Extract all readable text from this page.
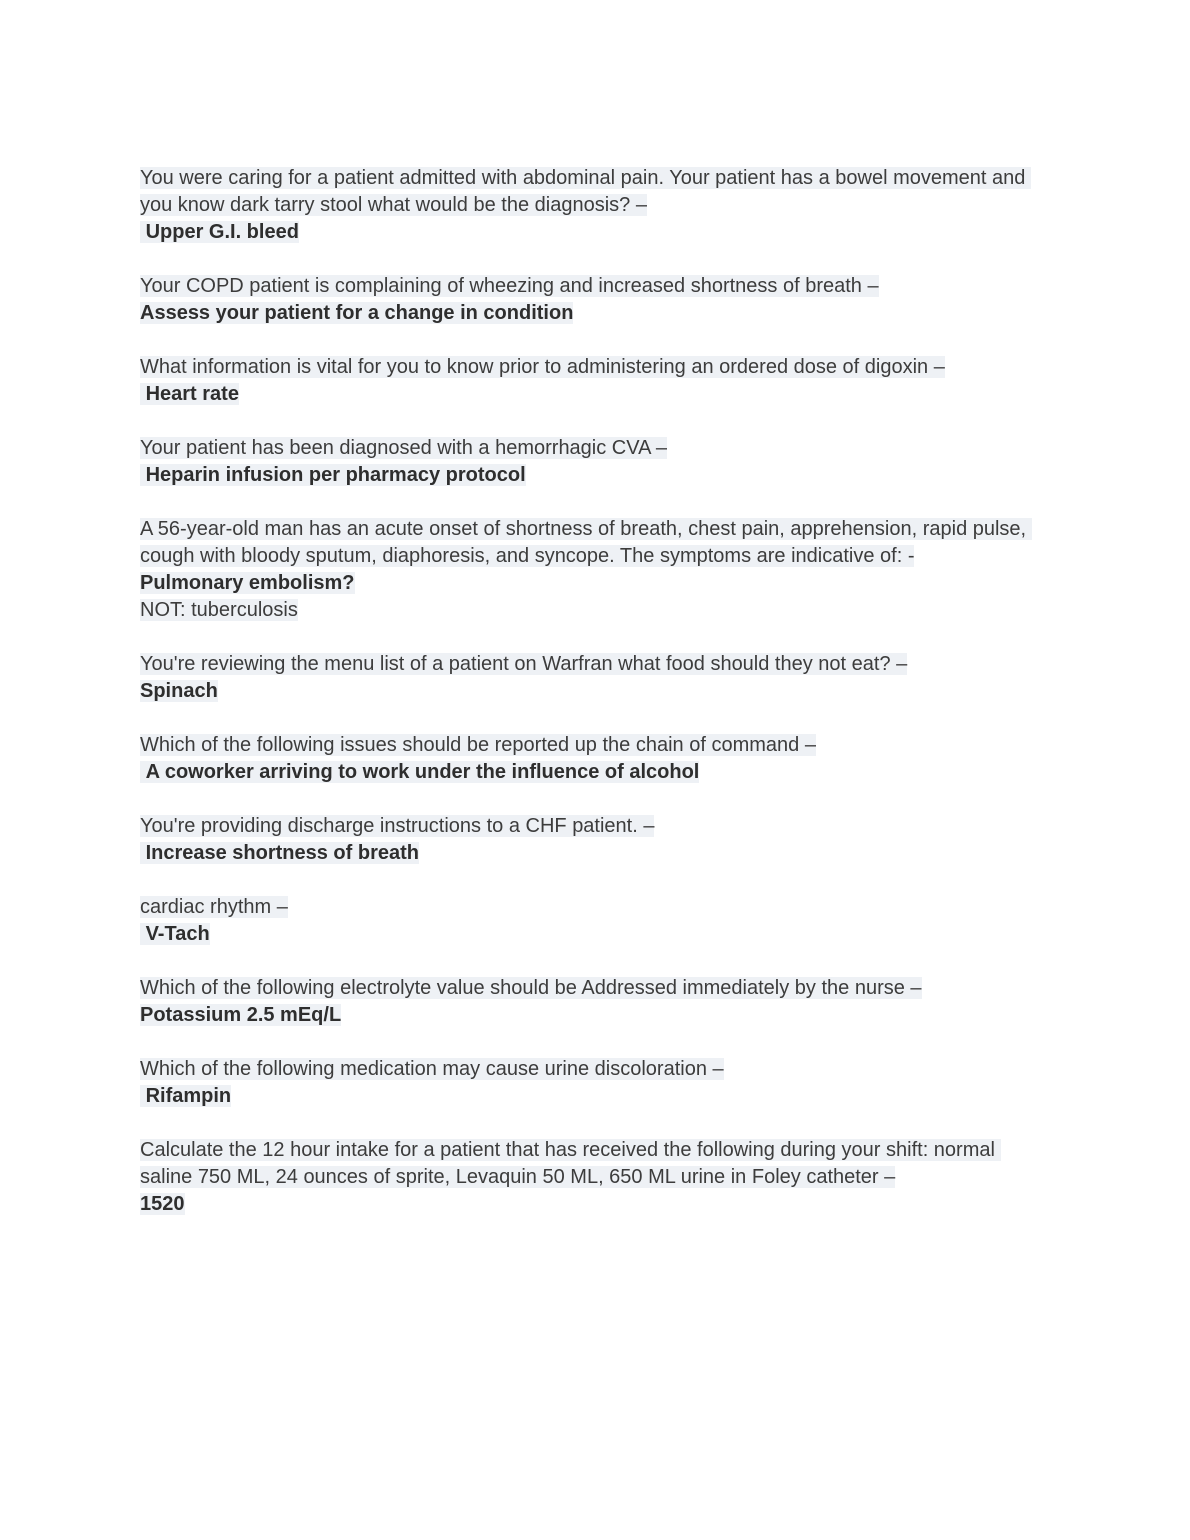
You were caring for a patient admitted with abdominal pain. Your patient has a bowel movement and you know dark tarry stool what would be the diagnosis? –
Upper G.I. bleed
Your COPD patient is complaining of wheezing and increased shortness of breath –
Assess your patient for a change in condition
What information is vital for you to know prior to administering an ordered dose of digoxin –
Heart rate
Your patient has been diagnosed with a hemorrhagic CVA –
Heparin infusion per pharmacy protocol
A 56-year-old man has an acute onset of shortness of breath, chest pain, apprehension, rapid pulse, cough with bloody sputum, diaphoresis, and syncope. The symptoms are indicative of: -
Pulmonary embolism?
NOT: tuberculosis
You're reviewing the menu list of a patient on Warfran what food should they not eat? –
Spinach
Which of the following issues should be reported up the chain of command –
A coworker arriving to work under the influence of alcohol
You're providing discharge instructions to a CHF patient. –
Increase shortness of breath
cardiac rhythm –
V-Tach
Which of the following electrolyte value should be Addressed immediately by the nurse –
Potassium 2.5 mEq/L
Which of the following medication may cause urine discoloration –
Rifampin
Calculate the 12 hour intake for a patient that has received the following during your shift: normal saline 750 ML, 24 ounces of sprite, Levaquin 50 ML, 650 ML urine in Foley catheter –
1520
